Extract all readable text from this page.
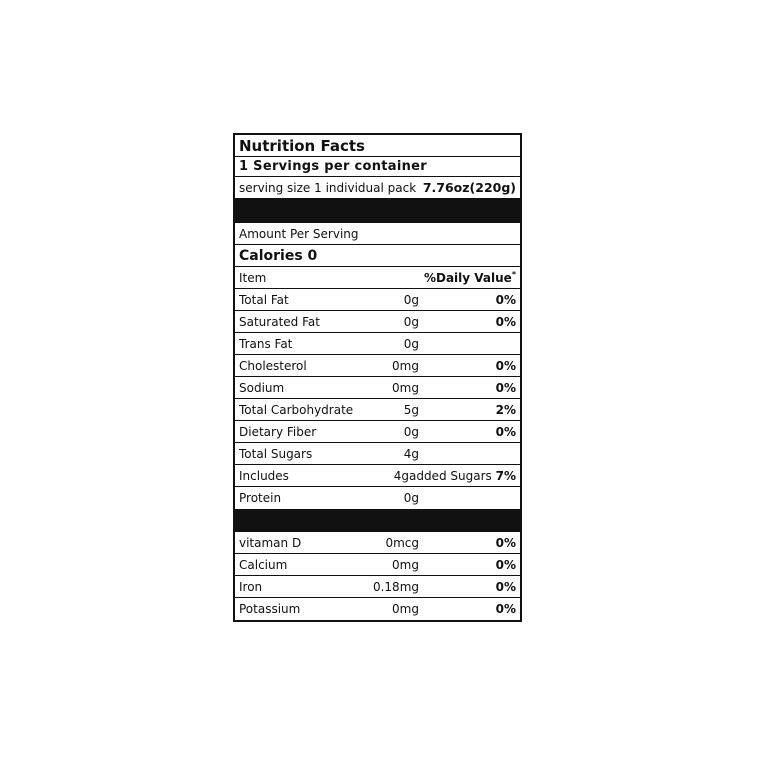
Nutrition Facts
1 Servings per container
serving size 1 individual pack 7.76oz(220g)
Amount Per Serving
Calories 0
Item	%Daily Value*
Total Fat	0g	0%
Saturated Fat	0g	0%
Trans Fat	0g
Cholesterol	0mg	0%
Sodium	0mg	0%
Total Carbohydrate	5g	2%
Dietary Fiber	0g	0%
Total Sugars	4g
Includes	4g added Sugars 7%
Protein	0g
vitaman D	0mcg	0%
Calcium	0mg	0%
Iron	0.18mg	0%
Potassium	0mg	0%
